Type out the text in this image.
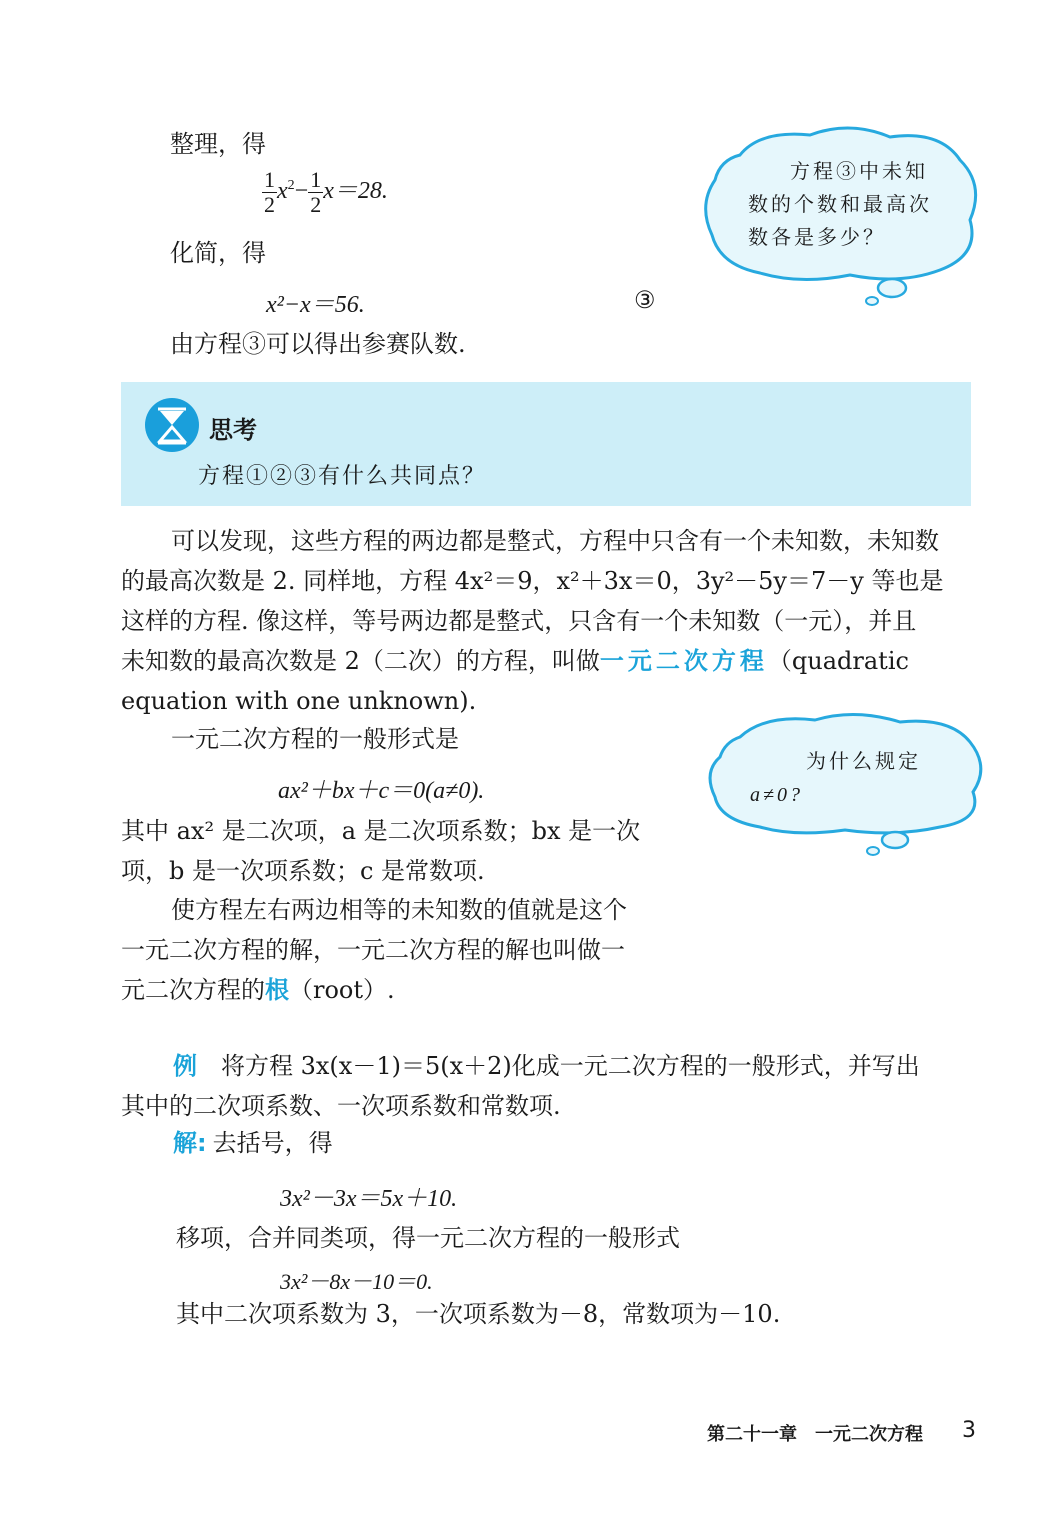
整理，得
$\frac{1}{2} x^2- \frac{1}{2} x=28$.
化简，得
x²−x＝56.	③
由方程③可以得出参赛队数.
方程③中未知
数的个数和最高次
数各是多少？
思考
方程①②③有什么共同点？
可以发现，这些方程的两边都是整式，方程中只含有一个未知数，未知数
的最高次数是 2. 同样地，方程 4x²＝9，x²＋3x＝0，3y²－5y＝7－y 等也是
这样的方程. 像这样，等号两边都是整式，只含有一个未知数（一元），并且
未知数的最高次数是 2（二次）的方程，叫做一元二次方程（quadratic
equation with one unknown).
一元二次方程的一般形式是
ax²＋bx＋c＝0(a≠0).
为什么规定
a≠0?
其中 ax² 是二次项，a 是二次项系数；bx 是一次
项，b 是一次项系数；c 是常数项.
使方程左右两边相等的未知数的值就是这个
一元二次方程的解，一元二次方程的解也叫做一
元二次方程的根（root）.
例 将方程 3x(x－1)＝5(x＋2)化成一元二次方程的一般形式，并写出
其中的二次项系数、一次项系数和常数项.
解: 去括号，得
3x²－3x＝5x＋10.
移项，合并同类项，得一元二次方程的一般形式
3x²－8x－10＝0.
其中二次项系数为 3，一次项系数为－8，常数项为－10.
第二十一章　一元二次方程 3
